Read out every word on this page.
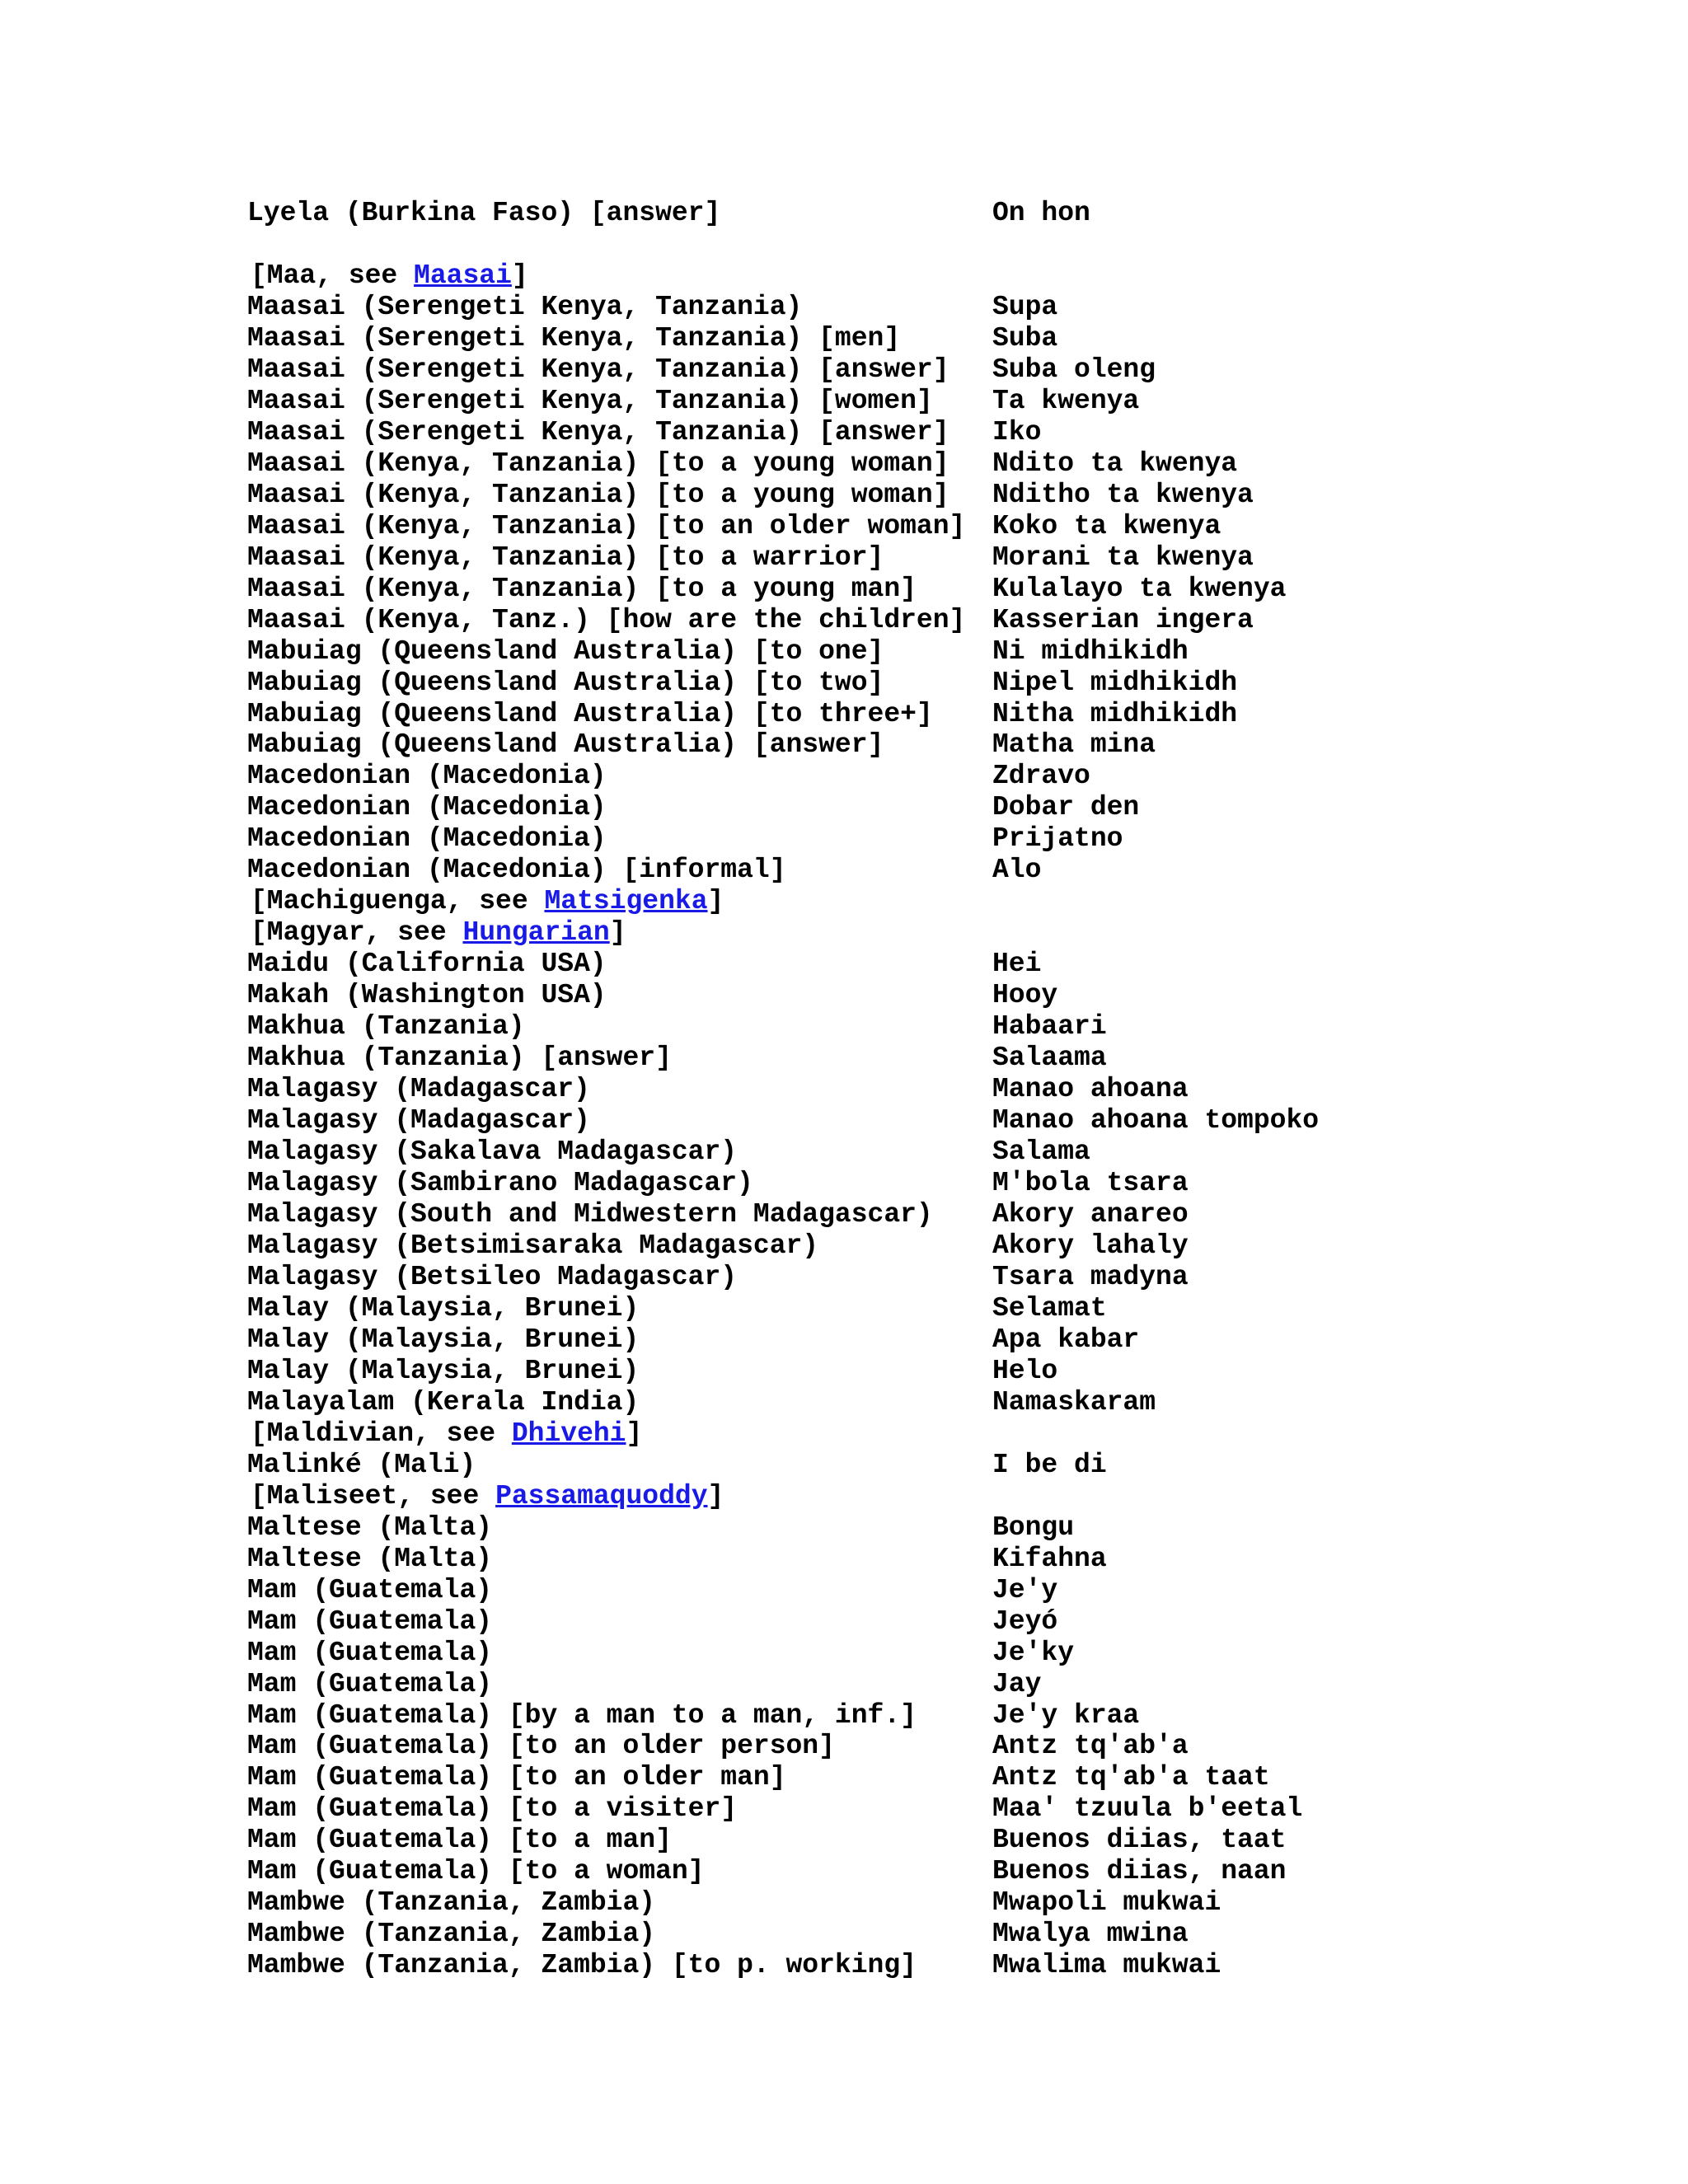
Lyela (Burkina Faso) [answer]	On hon
[Maa, see Maasai]
Maasai (Serengeti Kenya, Tanzania)	Supa
Maasai (Serengeti Kenya, Tanzania) [men]	Suba
Maasai (Serengeti Kenya, Tanzania) [answer] Suba oleng
Maasai (Serengeti Kenya, Tanzania) [women] Ta kwenya
Maasai (Serengeti Kenya, Tanzania) [answer] Iko
Maasai (Kenya, Tanzania) [to a young woman] Ndito ta kwenya
Maasai (Kenya, Tanzania) [to a young woman] Nditho ta kwenya
Maasai (Kenya, Tanzania) [to an older woman] Koko ta kwenya
Maasai (Kenya, Tanzania) [to a warrior]	Morani ta kwenya
Maasai (Kenya, Tanzania) [to a young man]	Kulalayo ta kwenya
Maasai (Kenya, Tanz.) [how are the children] Kasserian ingera
Mabuiag (Queensland Australia) [to one]	Ni midhikidh
Mabuiag (Queensland Australia) [to two]	Nipel midhikidh
Mabuiag (Queensland Australia) [to three+] Nitha midhikidh
Mabuiag (Queensland Australia) [answer]	Matha mina
Macedonian (Macedonia)	Zdravo
Macedonian (Macedonia)	Dobar den
Macedonian (Macedonia)	Prijatno
Macedonian (Macedonia) [informal]	Alo
[Machiguenga, see Matsigenka]
[Magyar, see Hungarian]
Maidu (California USA)	Hei
Makah (Washington USA)	Hooy
Makhua (Tanzania)	Habaari
Makhua (Tanzania) [answer]	Salaama
Malagasy (Madagascar)	Manao ahoana
Malagasy (Madagascar)	Manao ahoana tompoko
Malagasy (Sakalava Madagascar)	Salama
Malagasy (Sambirano Madagascar)	M'bola tsara
Malagasy (South and Midwestern Madagascar) Akory anareo
Malagasy (Betsimisaraka Madagascar)	Akory lahaly
Malagasy (Betsileo Madagascar)	Tsara madyna
Malay (Malaysia, Brunei)	Selamat
Malay (Malaysia, Brunei)	Apa kabar
Malay (Malaysia, Brunei)	Helo
Malayalam (Kerala India)	Namaskaram
[Maldivian, see Dhivehi]
Malinké (Mali)	I be di
[Maliseet, see Passamaquoddy]
Maltese (Malta)	Bongu
Maltese (Malta)	Kifahna
Mam (Guatemala)	Je'y
Mam (Guatemala)	Jeyó
Mam (Guatemala)	Je'ky
Mam (Guatemala)	Jay
Mam (Guatemala) [by a man to a man, inf.]	Je'y kraa
Mam (Guatemala) [to an older person]	Antz tq'ab'a
Mam (Guatemala) [to an older man]	Antz tq'ab'a taat
Mam (Guatemala) [to a visiter]	Maa' tzuula b'eetal
Mam (Guatemala) [to a man]	Buenos diias, taat
Mam (Guatemala) [to a woman]	Buenos diias, naan
Mambwe (Tanzania, Zambia)	Mwapoli mukwai
Mambwe (Tanzania, Zambia)	Mwalya mwina
Mambwe (Tanzania, Zambia) [to p. working]	Mwalima mukwai
